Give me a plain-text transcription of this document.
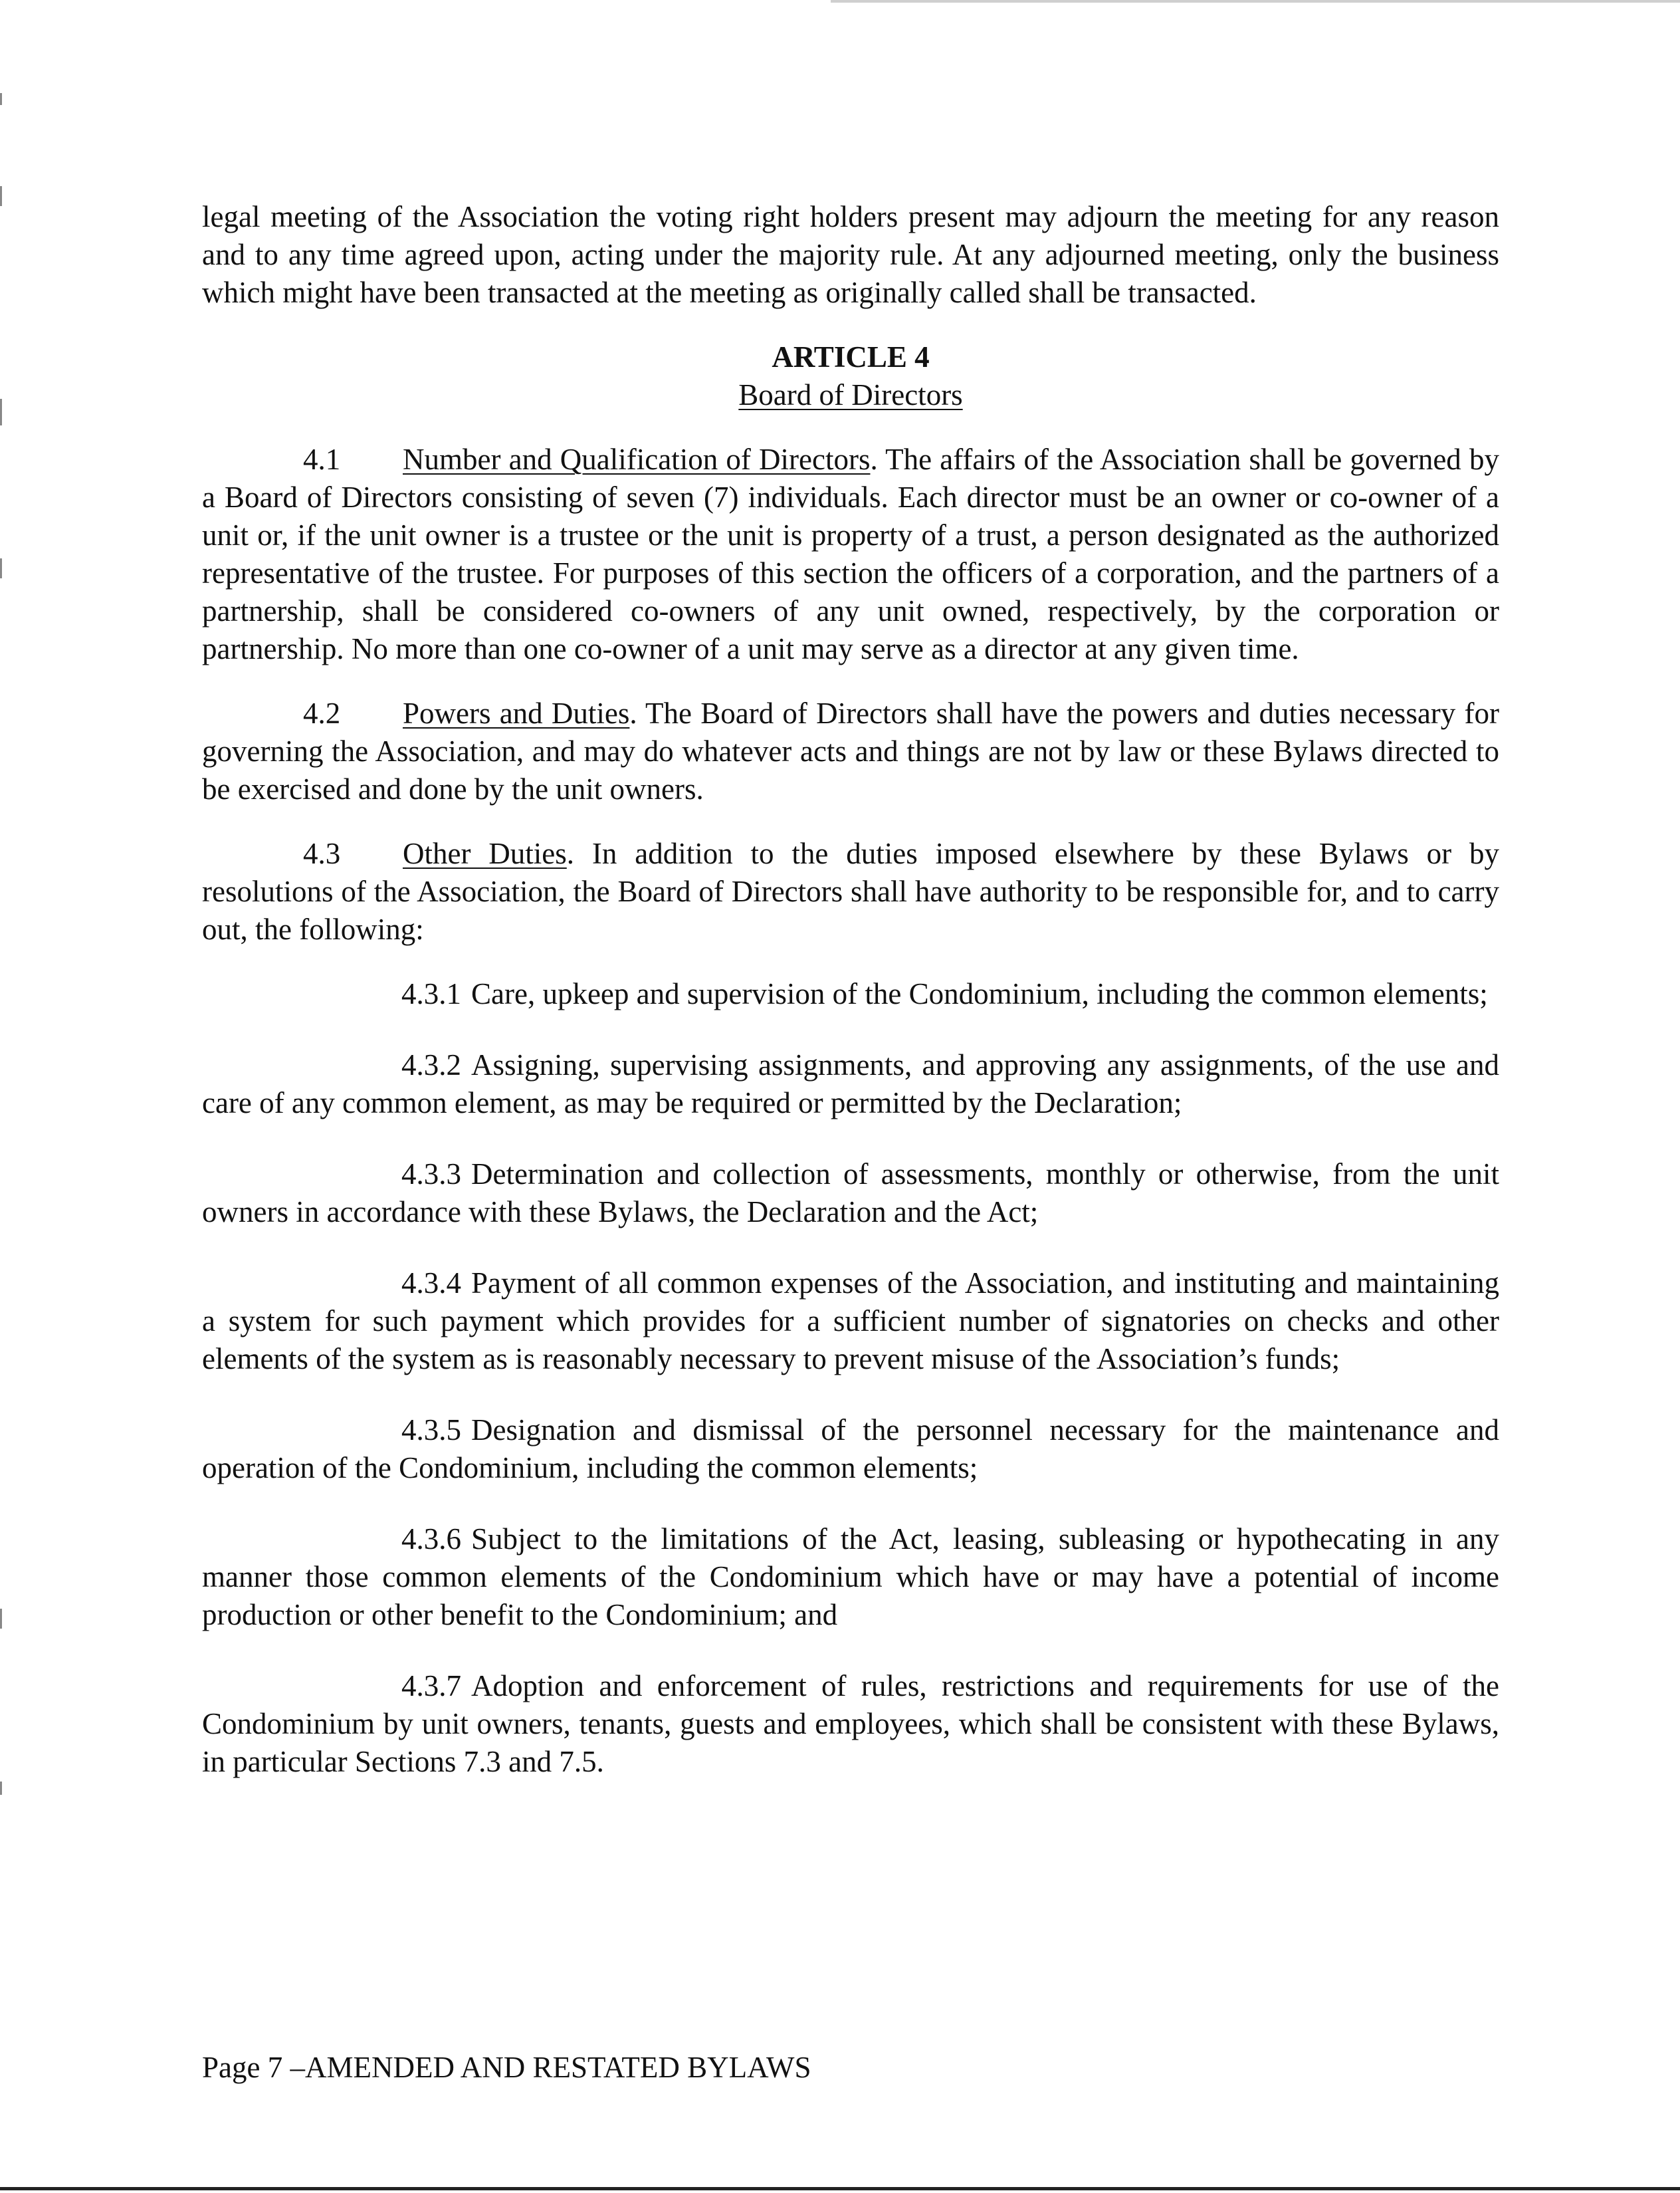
legal meeting of the Association the voting right holders present may adjourn the meeting for any reason and to any time agreed upon, acting under the majority rule. At any adjourned meeting, only the business which might have been transacted at the meeting as originally called shall be transacted.

ARTICLE 4

Board of Directors

4.1 Number and Qualification of Directors. The affairs of the Association shall be governed by a Board of Directors consisting of seven (7) individuals. Each director must be an owner or co-owner of a unit or, if the unit owner is a trustee or the unit is property of a trust, a person designated as the authorized representative of the trustee. For purposes of this section the officers of a corporation, and the partners of a partnership, shall be considered co-owners of any unit owned, respectively, by the corporation or partnership. No more than one co-owner of a unit may serve as a director at any given time.

4.2 Powers and Duties. The Board of Directors shall have the powers and duties necessary for governing the Association, and may do whatever acts and things are not by law or these Bylaws directed to be exercised and done by the unit owners.

4.3 Other Duties. In addition to the duties imposed elsewhere by these Bylaws or by resolutions of the Association, the Board of Directors shall have authority to be responsible for, and to carry out, the following:

4.3.1 Care, upkeep and supervision of the Condominium, including the common elements;

4.3.2 Assigning, supervising assignments, and approving any assignments, of the use and care of any common element, as may be required or permitted by the Declaration;

4.3.3 Determination and collection of assessments, monthly or otherwise, from the unit owners in accordance with these Bylaws, the Declaration and the Act;

4.3.4 Payment of all common expenses of the Association, and instituting and maintaining a system for such payment which provides for a sufficient number of signatories on checks and other elements of the system as is reasonably necessary to prevent misuse of the Association’s funds;

4.3.5 Designation and dismissal of the personnel necessary for the maintenance and operation of the Condominium, including the common elements;

4.3.6 Subject to the limitations of the Act, leasing, subleasing or hypothecating in any manner those common elements of the Condominium which have or may have a potential of income production or other benefit to the Condominium; and

4.3.7 Adoption and enforcement of rules, restrictions and requirements for use of the Condominium by unit owners, tenants, guests and employees, which shall be consistent with these Bylaws, in particular Sections 7.3 and 7.5.

Page 7 –AMENDED AND RESTATED BYLAWS
